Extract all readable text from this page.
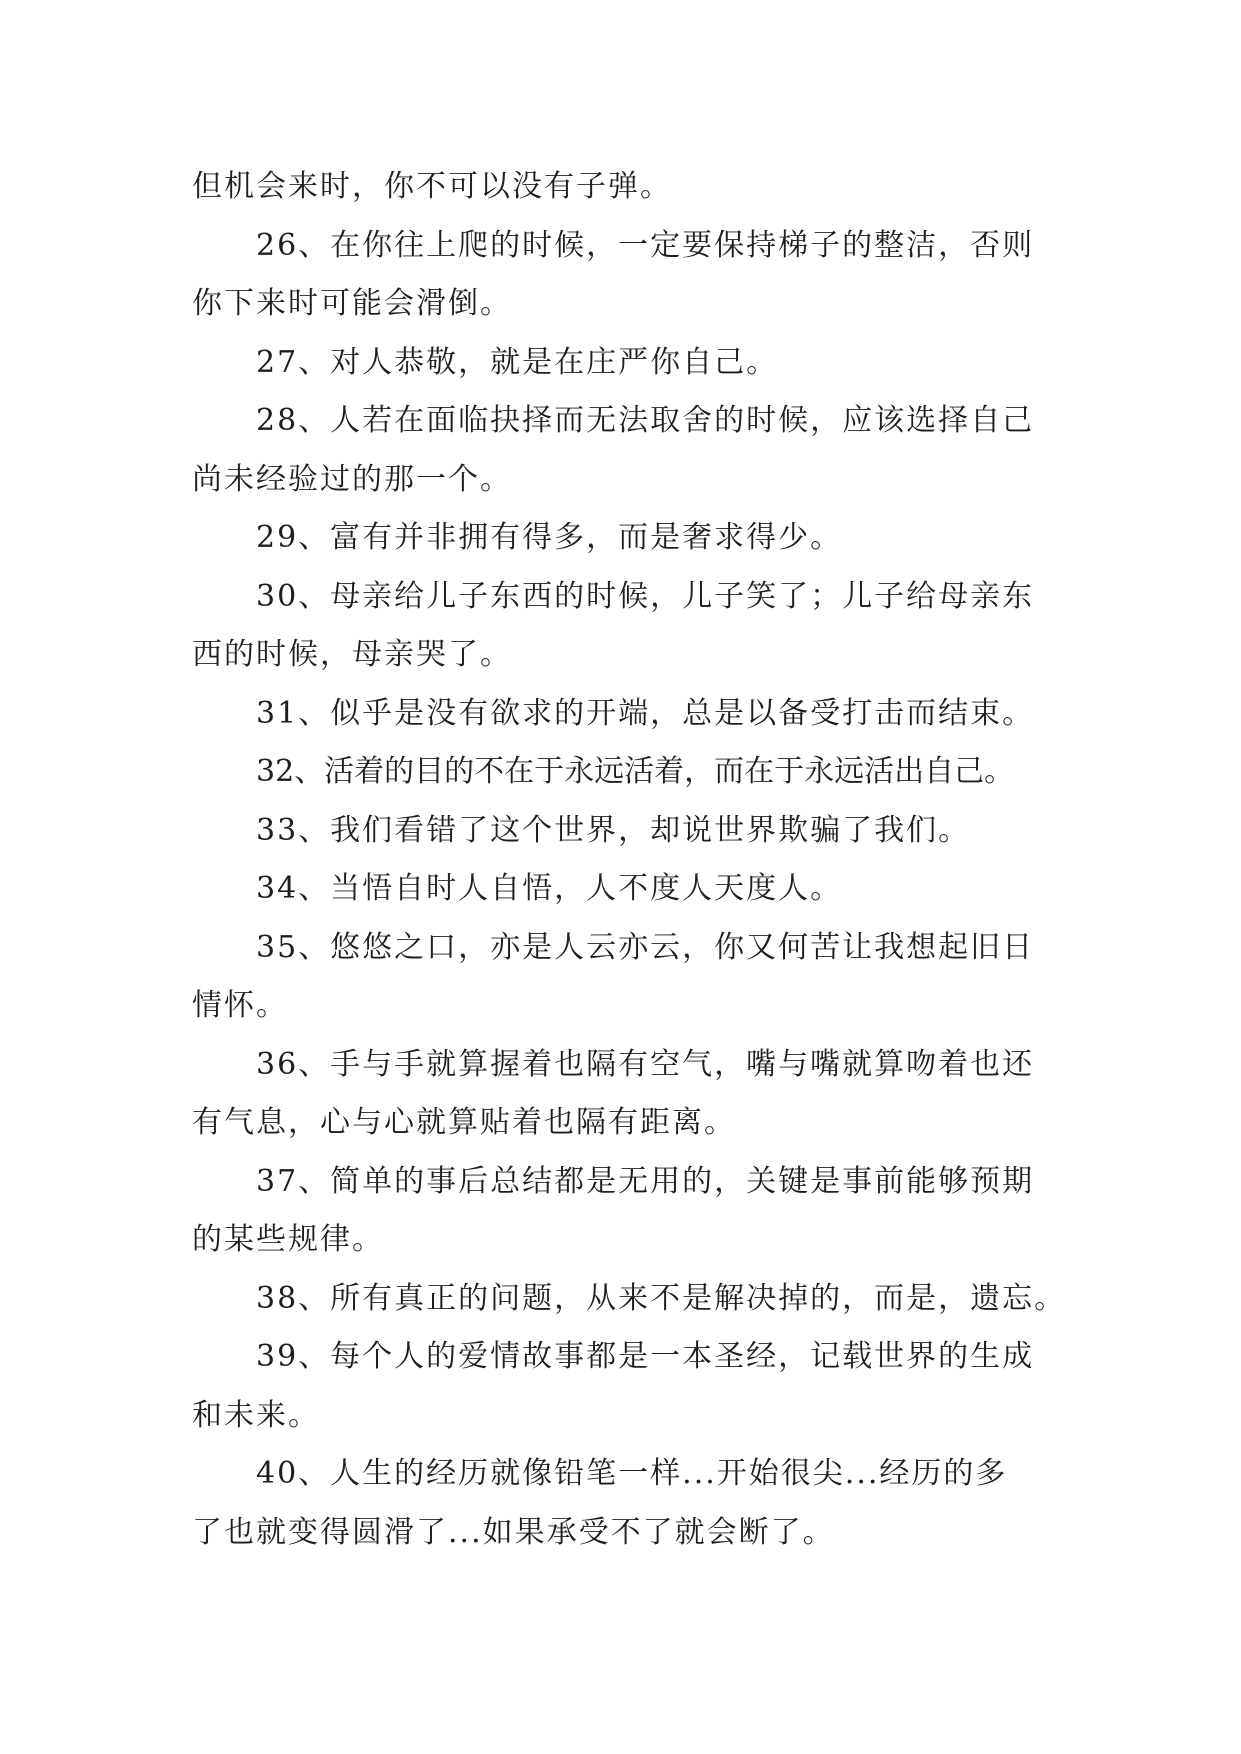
但机会来时，你不可以没有子弹。

26、在你往上爬的时候，一定要保持梯子的整洁，否则
你下来时可能会滑倒。

27、对人恭敬，就是在庄严你自己。

28、人若在面临抉择而无法取舍的时候，应该选择自己
尚未经验过的那一个。

29、富有并非拥有得多，而是奢求得少。

30、母亲给儿子东西的时候，儿子笑了；儿子给母亲东
西的时候，母亲哭了。

31、似乎是没有欲求的开端，总是以备受打击而结束。

32、活着的目的不在于永远活着，而在于永远活出自己。

33、我们看错了这个世界，却说世界欺骗了我们。

34、当悟自时人自悟，人不度人天度人。

35、悠悠之口，亦是人云亦云，你又何苦让我想起旧日
情怀。

36、手与手就算握着也隔有空气，嘴与嘴就算吻着也还
有气息，心与心就算贴着也隔有距离。

37、简单的事后总结都是无用的，关键是事前能够预期
的某些规律。

38、所有真正的问题，从来不是解决掉的，而是，遗忘。

39、每个人的爱情故事都是一本圣经，记载世界的生成
和未来。

40、人生的经历就像铅笔一样...开始很尖...经历的多
了也就变得圆滑了...如果承受不了就会断了。
